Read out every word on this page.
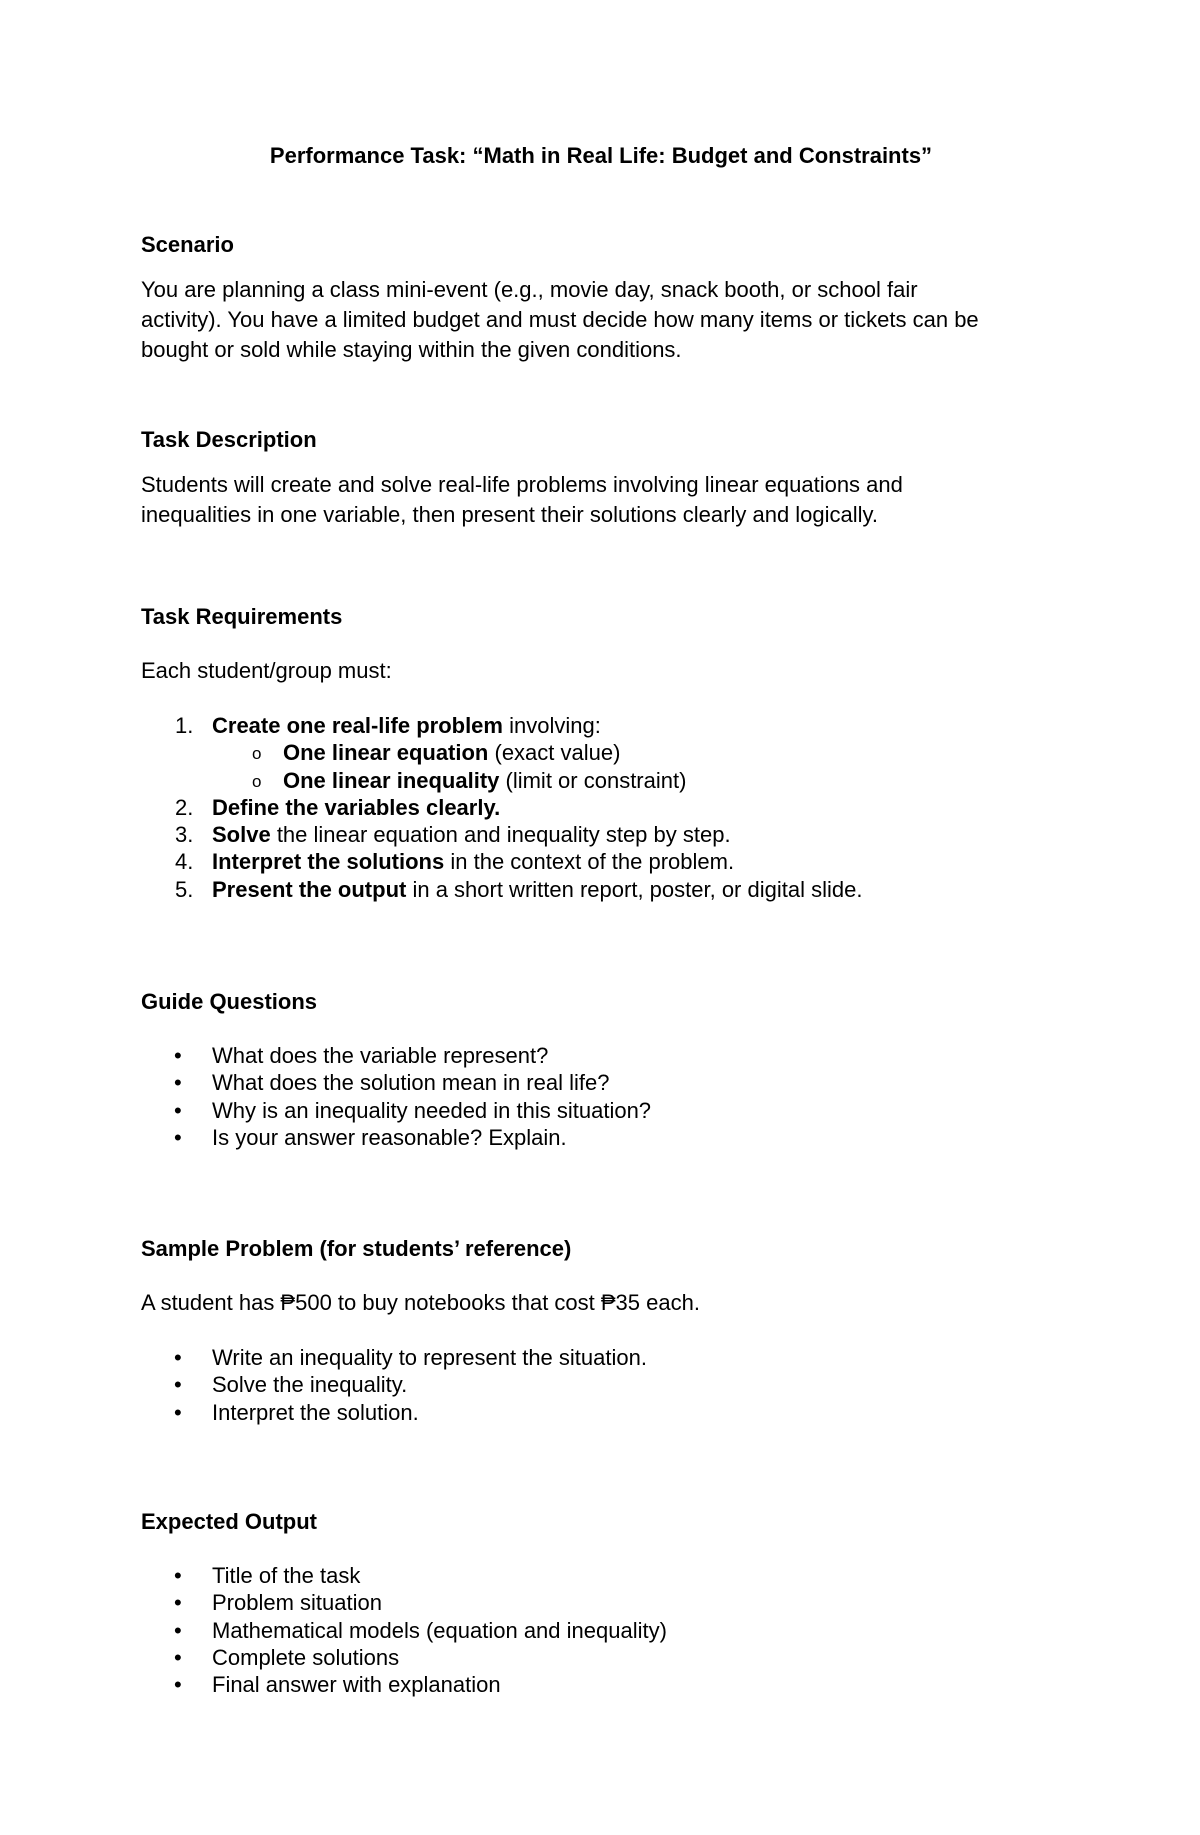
Performance Task: “Math in Real Life: Budget and Constraints”
Scenario
You are planning a class mini-event (e.g., movie day, snack booth, or school fair
activity). You have a limited budget and must decide how many items or tickets can be
bought or sold while staying within the given conditions.
Task Description
Students will create and solve real-life problems involving linear equations and
inequalities in one variable, then present their solutions clearly and logically.
Task Requirements
Each student/group must:
1. Create one real-life problem involving:
o One linear equation (exact value)
o One linear inequality (limit or constraint)
2. Define the variables clearly.
3. Solve the linear equation and inequality step by step.
4. Interpret the solutions in the context of the problem.
5. Present the output in a short written report, poster, or digital slide.
Guide Questions
• What does the variable represent?
• What does the solution mean in real life?
• Why is an inequality needed in this situation?
• Is your answer reasonable? Explain.
Sample Problem (for students’ reference)
A student has ₱500 to buy notebooks that cost ₱35 each.
• Write an inequality to represent the situation.
• Solve the inequality.
• Interpret the solution.
Expected Output
• Title of the task
• Problem situation
• Mathematical models (equation and inequality)
• Complete solutions
• Final answer with explanation
